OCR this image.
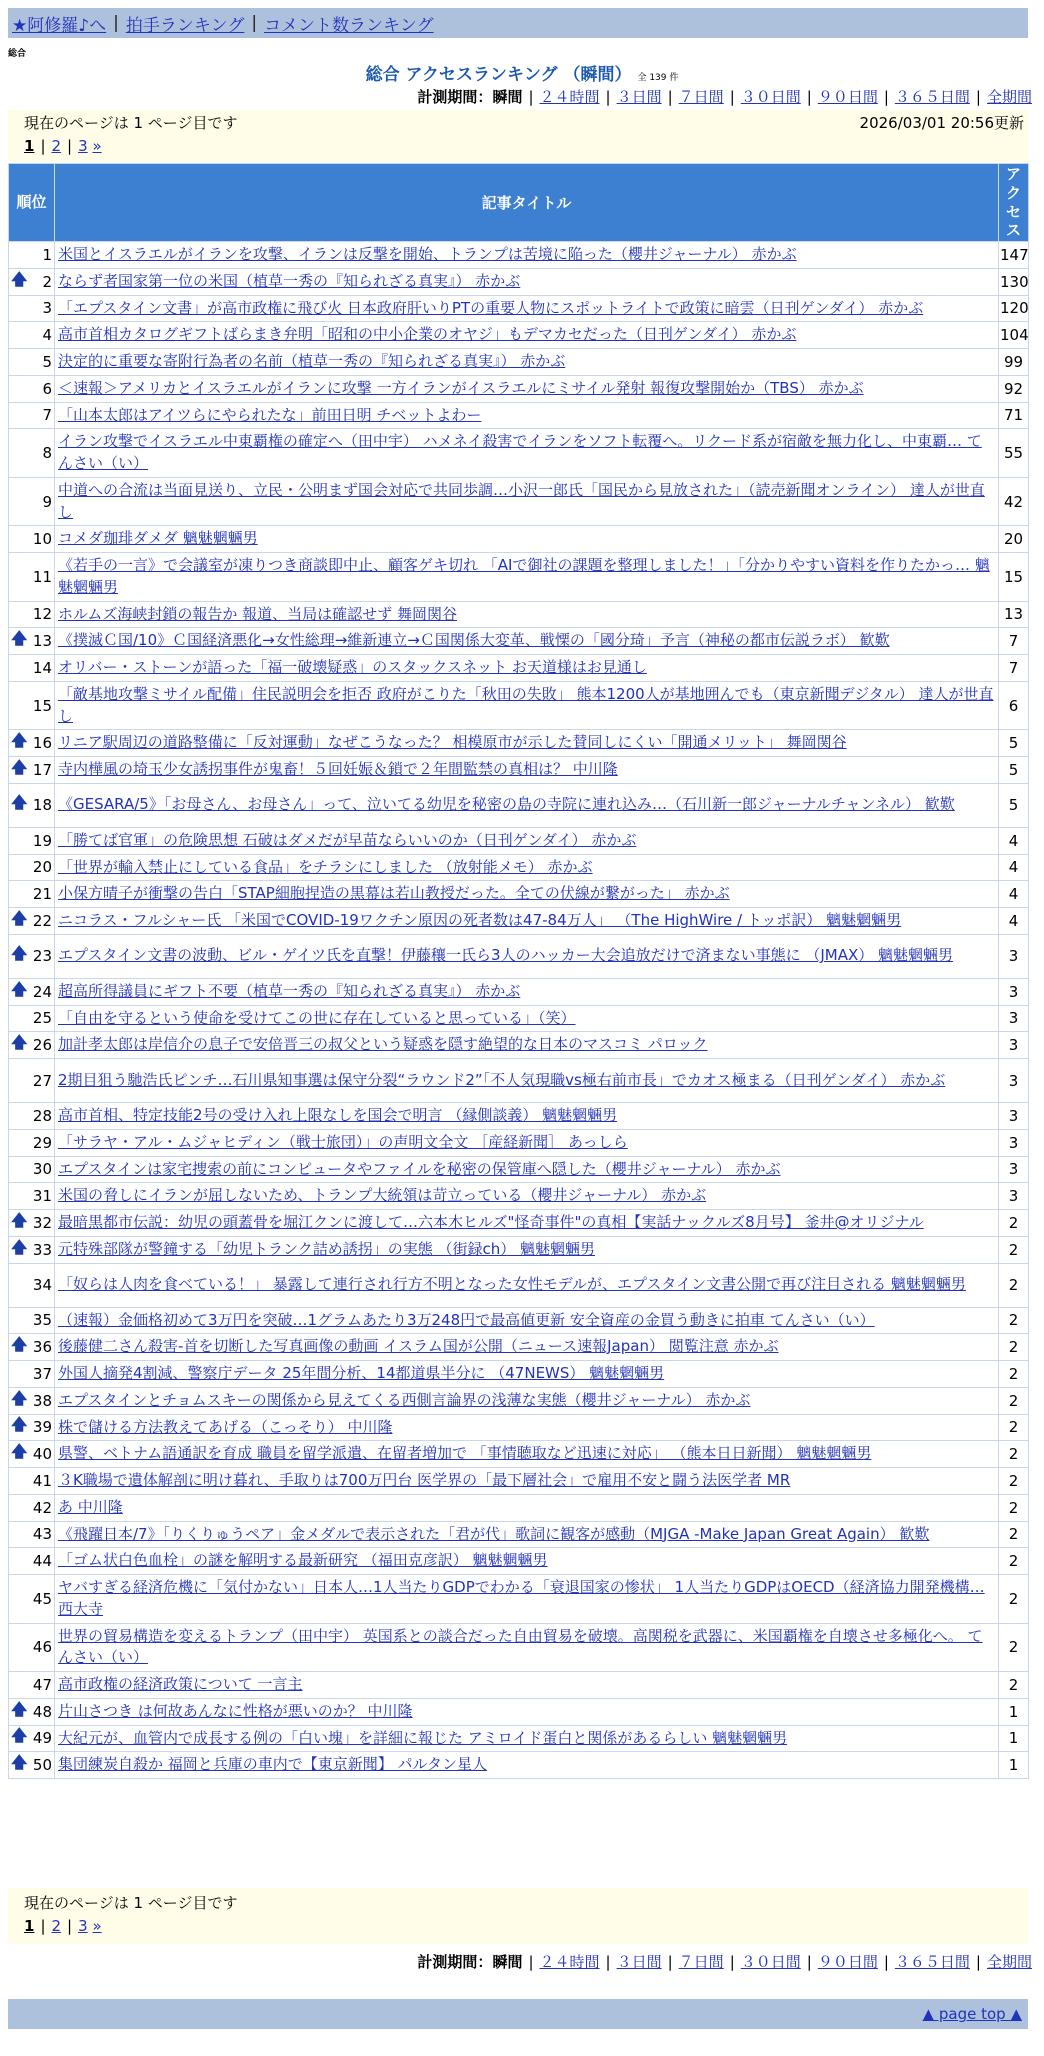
★阿修羅♪へ | 拍手ランキング | コメント数ランキング
総合
総合 アクセスランキング （瞬間） 全 139 件
計測期間：瞬間 | ２４時間 | ３日間 | ７日間 | ３０日間 | ９０日間 | ３６５日間 | 全期間
現在のページは 1 ページ目です	2026/03/01 20:56更新
1 | 2 | 3 »
順位	記事タイトル	アクセス
1	米国とイスラエルがイランを攻撃、イランは反撃を開始、トランプは苦境に陥った（櫻井ジャーナル） 赤かぶ	147

🡅 2	ならず者国家第一位の米国（植草一秀の『知られざる真実』） 赤かぶ	130
3	「エプスタイン文書」が高市政権に飛び火 日本政府肝いりPTの重要人物にスポットライトで政策に暗雲（日刊ゲンダイ） 赤かぶ	120
4	高市首相カタログギフトばらまき弁明「昭和の中小企業のオヤジ」もデマカセだった（日刊ゲンダイ） 赤かぶ	104
5	決定的に重要な寄附行為者の名前（植草一秀の『知られざる真実』） 赤かぶ	99
6	＜速報＞アメリカとイスラエルがイランに攻撃 一方イランがイスラエルにミサイル発射 報復攻撃開始か（TBS） 赤かぶ	92
7	「山本太郎はアイツらにやられたな」前田日明 チベットよわー	71
8	イラン攻撃でイスラエル中東覇権の確定へ（田中宇） ハメネイ殺害でイランをソフト転覆へ。リクード系が宿敵を無力化し、中東覇… てんさい（い）	55
9	中道への合流は当面見送り、立民・公明まず国会対応で共同歩調…小沢一郎氏「国民から見放された」（読売新聞オンライン） 達人が世直し	42
10	コメダ珈琲ダメダ 魑魅魍魎男	20
11	《若手の一言》で会議室が凍りつき商談即中止、顧客ゲキ切れ 「AIで御社の課題を整理しました！」「分かりやすい資料を作りたかっ… 魑魅魍魎男	15
12	ホルムズ海峡封鎖の報告か 報道、当局は確認せず 舞岡関谷	13

🡅 13	《撲滅Ｃ国/10》Ｃ国経済悪化→女性総理→維新連立→Ｃ国関係大変革、戦慄の「國分琦」予言（神秘の都市伝説ラボ） 歓歎	7
14	オリバー・ストーンが語った「福一破壊疑惑」のスタックスネット お天道様はお見通し	7
15	「敵基地攻撃ミサイル配備」住民説明会を拒否 政府がこりた「秋田の失敗」 熊本1200人が基地囲んでも（東京新聞デジタル） 達人が世直し	6

🡅 16	リニア駅周辺の道路整備に「反対運動」なぜこうなった？ 相模原市が示した賛同しにくい「開通メリット」 舞岡関谷	5

🡅 17	寺内樺風の埼玉少女誘拐事件が鬼畜！５回妊娠＆鎖で２年間監禁の真相は？ 中川隆	5

🡅 18	《GESARA/5》「お母さん、お母さん」って、泣いてる幼児を秘密の島の寺院に連れ込み…（石川新一郎ジャーナルチャンネル） 歓歎	5
19	「勝てば官軍」の危険思想 石破はダメだが早苗ならいいのか（日刊ゲンダイ） 赤かぶ	4
20	「世界が輸入禁止にしている食品」をチラシにしました （放射能メモ） 赤かぶ	4
21	小保方晴子が衝撃の告白「STAP細胞捏造の黒幕は若山教授だった。全ての伏線が繋がった」 赤かぶ	4

🡅 22	ニコラス・フルシャー氏 「米国でCOVID-19ワクチン原因の死者数は47-84万人」 （The HighWire / トッポ訳） 魑魅魍魎男	4

🡅 23	エプスタイン文書の波動、ビル・ゲイツ氏を直撃！伊藤穰一氏ら3人のハッカー大会追放だけで済まない事態に （JMAX） 魑魅魍魎男	3

🡅 24	超高所得議員にギフト不要（植草一秀の『知られざる真実』） 赤かぶ	3
25	「自由を守るという使命を受けてこの世に存在していると思っている」（笑）	3

🡅 26	加計孝太郎は岸信介の息子で安倍晋三の叔父という疑惑を隠す絶望的な日本のマスコミ パロック	3
27	2期目狙う馳浩氏ピンチ…石川県知事選は保守分裂“ラウンド2”「不人気現職vs極右前市長」でカオス極まる（日刊ゲンダイ） 赤かぶ	3
28	高市首相、特定技能2号の受け入れ上限なしを国会で明言 （縁側談義） 魑魅魍魎男	3
29	「サラヤ・アル・ムジャヒディン（戦士旅団）」の声明文全文 ［産経新聞］ あっしら	3
30	エプスタインは家宅捜索の前にコンピュータやファイルを秘密の保管庫へ隠した（櫻井ジャーナル） 赤かぶ	3
31	米国の脅しにイランが屈しないため、トランプ大統領は苛立っている（櫻井ジャーナル） 赤かぶ	3

🡅 32	最暗黒都市伝説：幼児の頭蓋骨を堀江クンに渡して…六本木ヒルズ"怪奇事件"の真相【実話ナックルズ8月号】 釜井@オリジナル	2

🡅 33	元特殊部隊が警鐘する「幼児トランク詰め誘拐」の実態 （街録ch） 魑魅魍魎男	2
34	「奴らは人肉を食べている！」 暴露して連行され行方不明となった女性モデルが、エプスタイン文書公開で再び注目される 魑魅魍魎男	2
35	（速報）金価格初めて3万円を突破…1グラムあたり3万248円で最高値更新 安全資産の金買う動きに拍車 てんさい（い）	2

🡅 36	後藤健二さん殺害-首を切断した写真画像の動画 イスラム国が公開（ニュース速報Japan） 閲覧注意 赤かぶ	2
37	外国人摘発4割減、警察庁データ 25年間分析、14都道県半分に （47NEWS） 魑魅魍魎男	2

🡅 38	エプスタインとチョムスキーの関係から見えてくる西側言論界の浅薄な実態（櫻井ジャーナル） 赤かぶ	2

🡅 39	株で儲ける方法教えてあげる（こっそり） 中川隆	2

🡅 40	県警、ベトナム語通訳を育成 職員を留学派遣、在留者増加で 「事情聴取など迅速に対応」 （熊本日日新聞） 魑魅魍魎男	2
41	３K職場で遺体解剖に明け暮れ、手取りは700万円台 医学界の「最下層社会」で雇用不安と闘う法医学者 MR	2
42	あ 中川隆	2
43	《飛躍日本/7》「りくりゅうペア」金メダルで表示された「君が代」歌詞に観客が感動（MJGA -Make Japan Great Again） 歓歎	2
44	「ゴム状白色血栓」の謎を解明する最新研究 （福田克彦訳） 魑魅魍魎男	2
45	ヤバすぎる経済危機に「気付かない」日本人…1人当たりGDPでわかる「衰退国家の惨状」 1人当たりGDPはOECD（経済協力開発機構… 西大寺	2
46	世界の貿易構造を変えるトランプ（田中宇） 英国系との談合だった自由貿易を破壊。高関税を武器に、米国覇権を自壊させ多極化へ。 てんさい（い）	2
47	高市政権の経済政策について 一言主	2

🡅 48	片山さつき は何故あんなに性格が悪いのか？ 中川隆	1

🡅 49	大紀元が、血管内で成長する例の「白い塊」を詳細に報じた アミロイド蛋白と関係があるらしい 魑魅魍魎男	1

🡅 50	集団練炭自殺か 福岡と兵庫の車内で【東京新聞】 パルタン星人	1
現在のページは 1 ページ目です
1 | 2 | 3 »
計測期間：瞬間 | ２４時間 | ３日間 | ７日間 | ３０日間 | ９０日間 | ３６５日間 | 全期間
▲ page top ▲
